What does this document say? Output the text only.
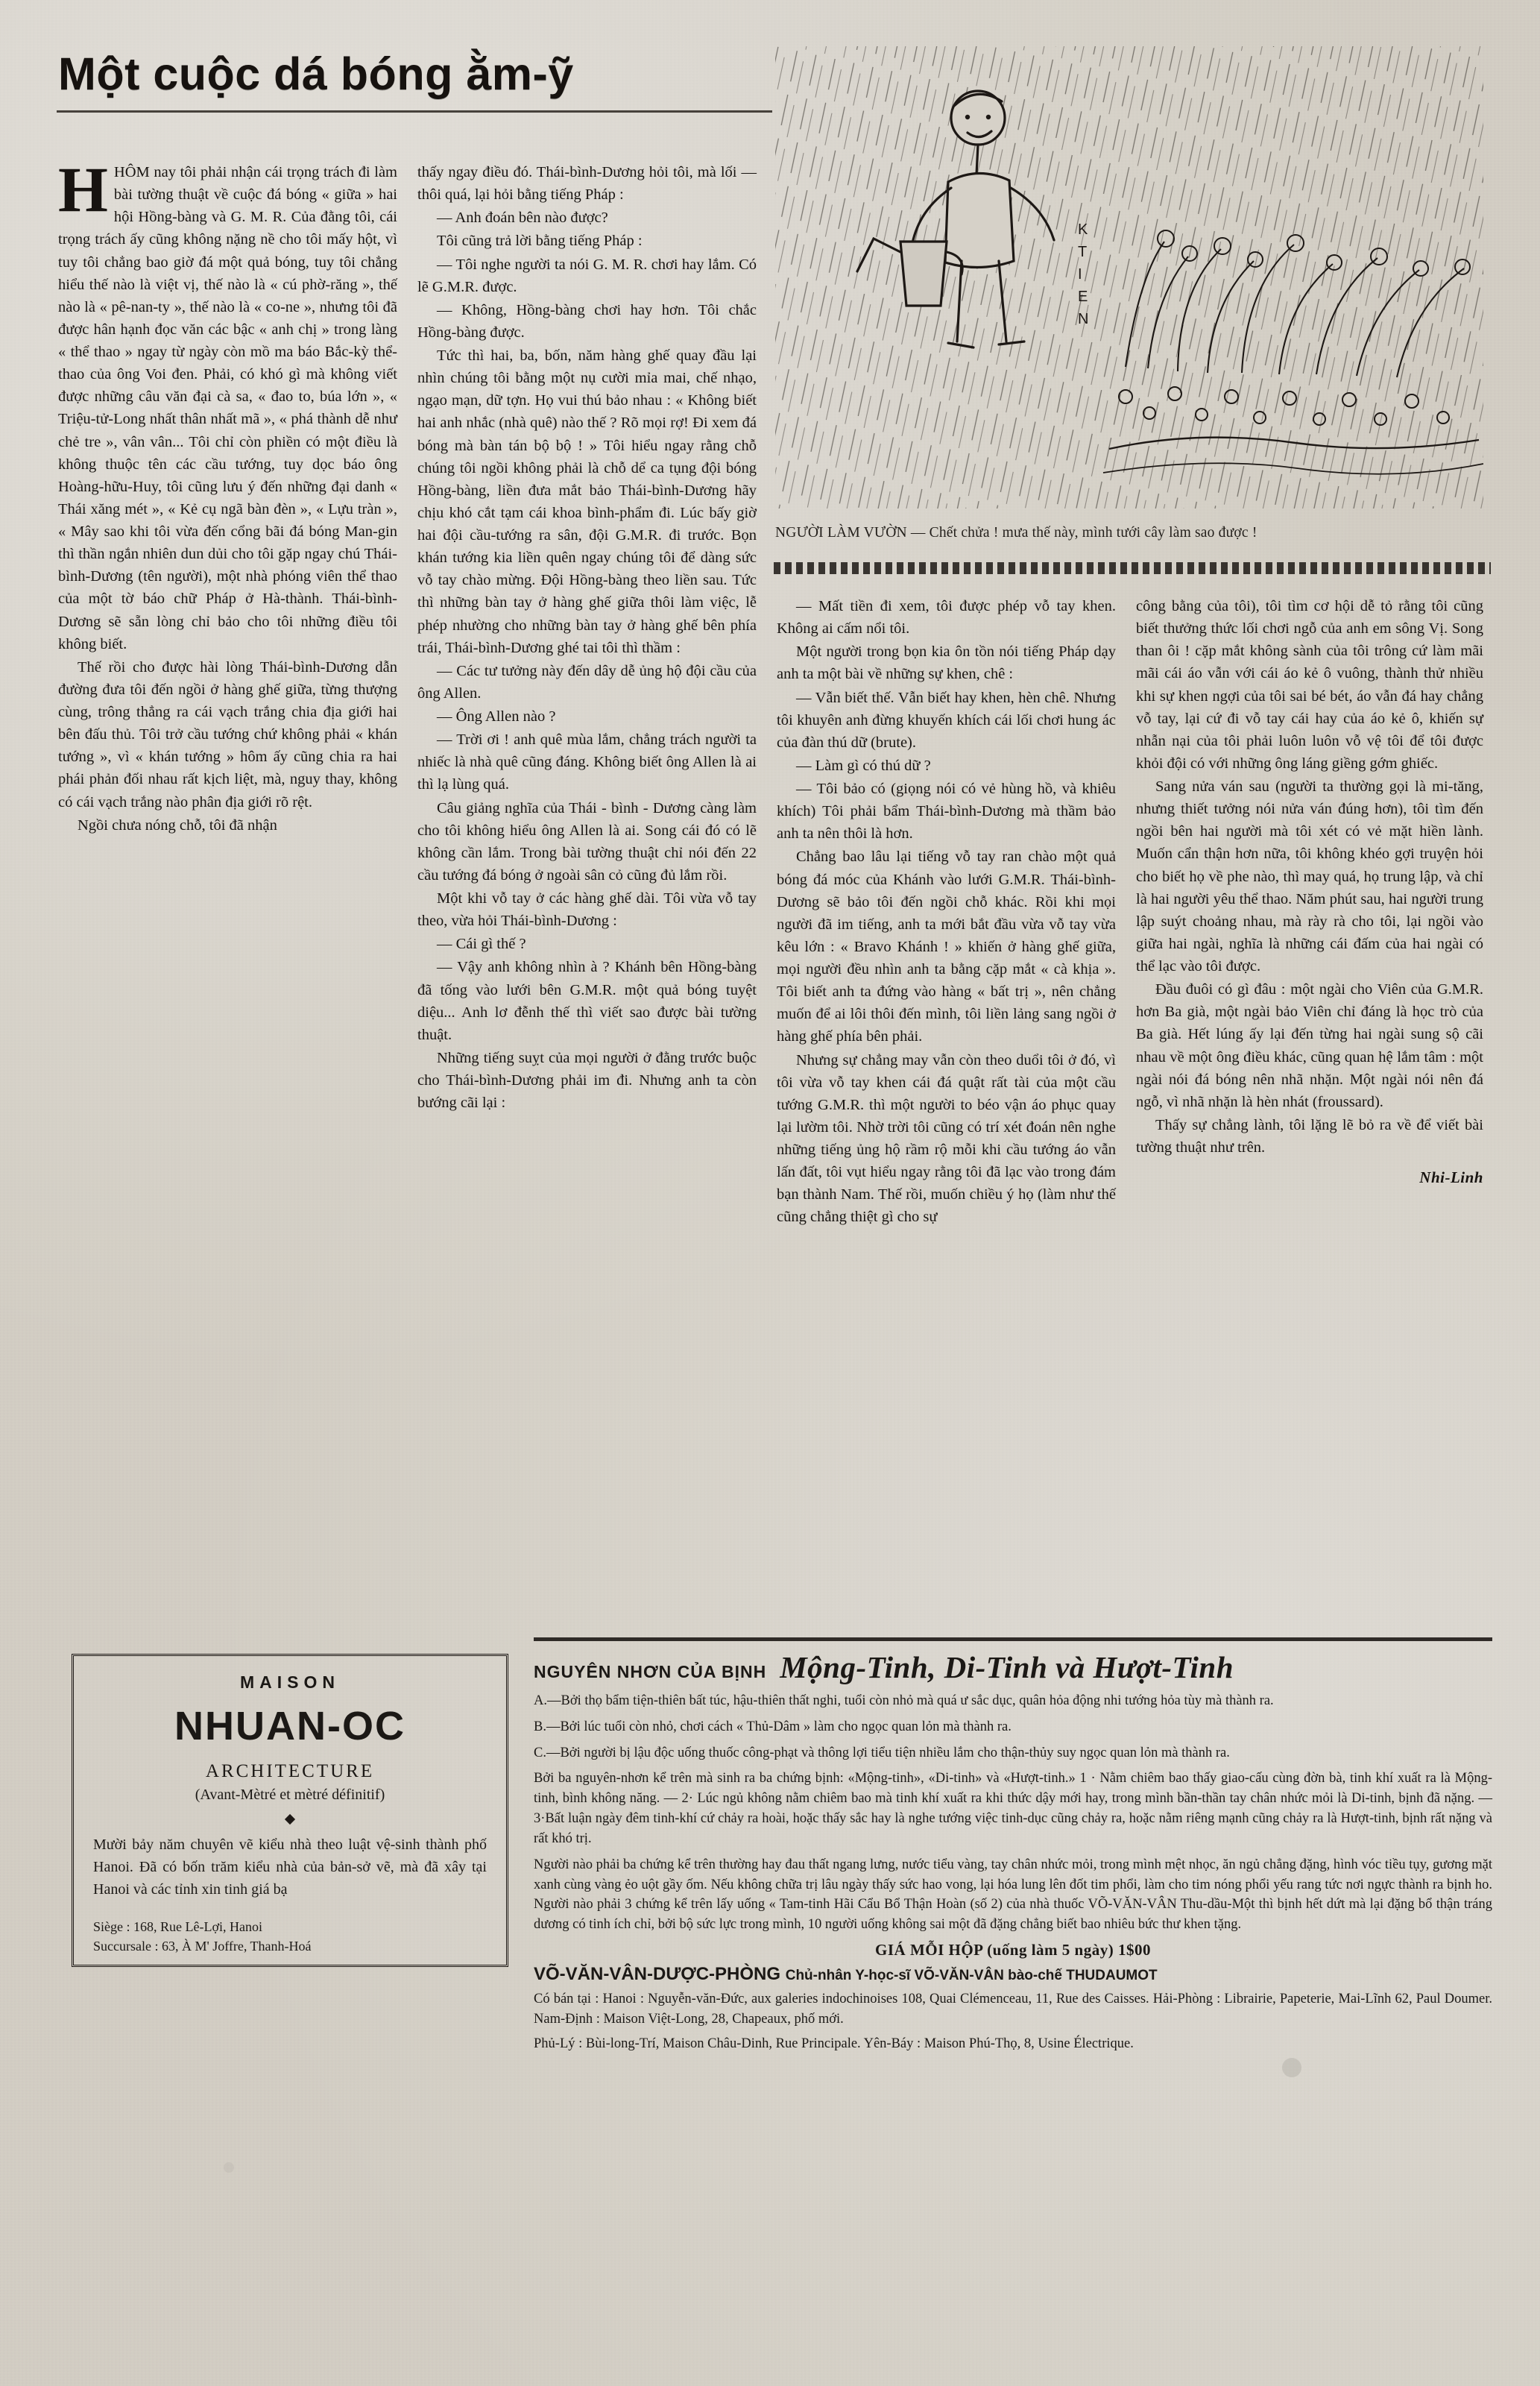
Một cuộc dá bóng ằm-ỹ
K
T
I
E
N
NGƯỜI LÀM VƯỜN — Chết chửa ! mưa thế này, mình tưới cây làm sao được !

HHÔM nay tôi phải nhận cái trọng trách đi làm bài tường thuật về cuộc đá bóng « giữa » hai hội Hồng-bàng và G. M. R. Của đằng tôi, cái trọng trách ấy cũng không nặng nề cho tôi mấy hột, vì tuy tôi chẳng bao giờ đá một quả bóng, tuy tôi chẳng hiểu thế nào là việt vị, thế nào là « cú phờ-răng », thế nào là « pê-nan-ty », thế nào là « co-ne », nhưng tôi đã được hân hạnh đọc văn các bậc « anh chị » trong làng « thể thao » ngay từ ngày còn mồ ma báo Bắc-kỳ thể-thao của ông Voi đen. Phải, có khó gì mà không viết được những câu văn đại cà sa, « đao to, búa lớn », « Triệu-tử-Long nhất thân nhất mã », « phá thành dễ như chẻ tre », vân vân... Tôi chỉ còn phiền có một điều là không thuộc tên các cầu tướng, tuy dọc báo ông Hoàng-hữu-Huy, tôi cũng lưu ý đến những đại danh « Thái xăng mét », « Kẻ cụ ngã bàn đèn », « Lựu tràn », « Mây sao khi tôi vừa đến cổng bãi đá bóng Man-gin thì thần ngắn nhiên dun dủi cho tôi gặp ngay chú Thái-bình-Dương (tên người), một nhà phóng viên thể thao của một tờ báo chữ Pháp ở Hà-thành. Thái-bình-Dương sẽ sẵn lòng chỉ bảo cho tôi những điều tôi không biết.

Thế rồi cho được hài lòng Thái-bình-Dương dẫn đường đưa tôi đến ngồi ở hàng ghế giữa, từng thượng cùng, trông thẳng ra cái vạch trắng chia địa giới hai bên đấu thủ. Tôi trở cầu tướng chứ không phải « khán tướng », vì « khán tướng » hôm ấy cũng chia ra hai phái phản đối nhau rất kịch liệt, mà, nguy thay, không có cái vạch trắng nào phân địa giới rõ rệt.

Ngồi chưa nóng chỗ, tôi đã nhận

thấy ngay điều đó. Thái-bình-Dương hỏi tôi, mà lối — thôi quá, lại hỏi bằng tiếng Pháp :

— Anh đoán bên nào được?

Tôi cũng trả lời bằng tiếng Pháp :

— Tôi nghe người ta nói G. M. R. chơi hay lắm. Có lẽ G.M.R. được.

— Không, Hồng-bàng chơi hay hơn. Tôi chắc Hồng-bàng được.

Tức thì hai, ba, bốn, năm hàng ghế quay đầu lại nhìn chúng tôi bằng một nụ cười mỉa mai, chế nhạo, ngạo mạn, dữ tợn. Họ vui thú bảo nhau : « Không biết hai anh nhắc (nhà quê) nào thế ? Rõ mọi rợ! Đi xem đá bóng mà bàn tán bộ bộ ! » Tôi hiểu ngay rằng chỗ chúng tôi ngồi không phải là chỗ dể ca tụng đội bóng Hồng-bàng, liền đưa mắt bảo Thái-bình-Dương hãy chịu khó cắt tạm cái khoa bình-phẩm đi. Lúc bấy giờ hai đội cầu-tướng ra sân, đội G.M.R. đi trước. Bọn khán tướng kia liền quên ngay chúng tôi để dàng sức vỗ tay chào mừng. Đội Hồng-bàng theo liền sau. Tức thì những bàn tay ở hàng ghế giữa thôi làm việc, lễ phép nhường cho những bàn tay ở hàng ghế bên phía trái, Thái-bình-Dương ghé tai tôi thì thầm :

— Các tư tưởng này đến dây dễ ủng hộ đội cầu của ông Allen.

— Ông Allen nào ?

— Trời ơi ! anh quê mùa lắm, chẳng trách người ta nhiếc là nhà quê cũng đáng. Không biết ông Allen là ai thì lạ lùng quá.

Câu giảng nghĩa của Thái - bình - Dương càng làm cho tôi không hiểu ông Allen là ai. Song cái đó có lẽ không cần lắm. Trong bài tường thuật chỉ nói đến 22 cầu tướng đá bóng ở ngoài sân cỏ cũng đủ lắm rồi.

Một khi vỗ tay ở các hàng ghế dài. Tôi vừa vỗ tay theo, vừa hỏi Thái-bình-Dương :

— Cái gì thế ?

— Vậy anh không nhìn à ? Khánh bên Hồng-bàng đã tống vào lưới bên G.M.R. một quả bóng tuyệt diệu... Anh lơ đễnh thế thì viết sao được bài tường thuật.

Những tiếng suỵt của mọi người ở đằng trước buộc cho Thái-bình-Dương phải im đi. Nhưng anh ta còn bướng cãi lại :

— Mất tiền đi xem, tôi được phép vỗ tay khen. Không ai cấm nổi tôi.

Một người trong bọn kia ôn tồn nói tiếng Pháp dạy anh ta một bài về những sự khen, chê :

— Vẫn biết thế. Vẫn biết hay khen, hèn chê. Nhưng tôi khuyên anh đừng khuyến khích cái lối chơi hung ác của đàn thú dữ (brute).

— Làm gì có thú dữ ?

— Tôi bảo có (giọng nói có vẻ hùng hồ, và khiêu khích) Tôi phải bẩm Thái-bình-Dương mà thầm bảo anh ta nên thôi là hơn.

Chẳng bao lâu lại tiếng vỗ tay ran chào một quả bóng đá móc của Khánh vào lưới G.M.R. Thái-bình-Dương sẽ bảo tôi đến ngồi chỗ khác. Rồi khi mọi người đã im tiếng, anh ta mới bắt đầu vừa vỗ tay vừa kêu lớn : « Bravo Khánh ! » khiến ở hàng ghế giữa, mọi người đều nhìn anh ta bằng cặp mắt « cà khịa ». Tôi biết anh ta đứng vào hàng « bất trị », nên chẳng muốn để ai lôi thôi đến mình, tôi liền lảng sang ngồi ở hàng ghế phía bên phải.

Nhưng sự chẳng may vẫn còn theo duổi tôi ở đó, vì tôi vừa vỗ tay khen cái đá quật rất tài của một cầu tướng G.M.R. thì một người to béo vận áo phục quay lại lườm tôi. Nhờ trời tôi cũng có trí xét đoán nên nghe những tiếng ủng hộ rầm rộ mỗi khi cầu tướng áo vẫn lấn đất, tôi vụt hiểu ngay rằng tôi đã lạc vào trong đám bạn thành Nam. Thế rồi, muốn chiều ý họ (làm như thế cũng chẳng thiệt gì cho sự

công bằng của tôi), tôi tìm cơ hội dễ tỏ rằng tôi cũng biết thưởng thức lối chơi ngỗ của anh em sông Vị. Song than ôi ! cặp mắt không sành của tôi trông cứ làm mãi mãi cái áo vẫn với cái áo kẻ ô vuông, thành thử nhiều khi sự khen ngợi của tôi sai bé bét, áo vẫn đá hay chẳng vỗ tay, lại cứ đi vỗ tay cái hay của áo kẻ ô, khiến sự nhẫn nại của tôi phải luôn luôn vỗ vệ tôi để tôi được khỏi đội có với những ông láng giềng gớm ghiếc.

Sang nửa ván sau (người ta thường gọi là mi-tăng, nhưng thiết tưởng nói nửa ván đúng hơn), tôi tìm đến ngồi bên hai người mà tôi xét có vẻ mặt hiền lành. Muốn cẩn thận hơn nữa, tôi không khéo gợi truyện hỏi cho biết họ về phe nào, thì may quá, họ trung lập, và chỉ là hai người yêu thể thao. Năm phút sau, hai người trung lập suýt choảng nhau, mà rày rà cho tôi, lại ngồi vào giữa hai ngài, nghĩa là những cái đấm của hai ngài có thể lạc vào tôi được.

Đầu đuôi có gì đâu : một ngài cho Viên của G.M.R. hơn Ba già, một ngài bảo Viên chỉ đáng là học trò của Ba già. Hết lúng ấy lại đến từng hai ngài sung sộ cãi nhau về một ông điều khác, cũng quan hệ lắm tâm : một ngài nói đá bóng nên nhã nhặn. Một ngài nói nên đá ngỗ, vì nhã nhặn là hèn nhát (froussard).

Thấy sự chẳng lành, tôi lặng lẽ bỏ ra về để viết bài tường thuật như trên.

Nhi-Linh
MAISON
NHUAN-OC
ARCHITECTURE
(Avant-Mètré et mètré définitif)
Mười bảy năm chuyên vẽ kiểu nhà theo luật vệ-sinh thành phố Hanoi. Đã có bốn trăm kiểu nhà của bản-sở vẽ, mà đã xây tại Hanoi và các tỉnh xin tinh giá bạ
Siège : 168, Rue Lê-Lợi, Hanoi
Succursale : 63, À M' Joffre, Thanh-Hoá
NGUYÊN NHƠN CỦA BỊNH Mộng-Tinh, Di-Tinh và Hượt-Tinh
A.—Bởi thọ bẩm tiện-thiên bất túc, hậu-thiên thất nghi, tuổi còn nhỏ mà quá ư sắc dục, quân hỏa động nhi tướng hỏa tùy mà thành ra.
B.—Bởi lúc tuổi còn nhỏ, chơi cách « Thủ-Dâm » làm cho ngọc quan lỏn mà thành ra.
C.—Bởi người bị lậu độc uống thuốc công-phạt và thông lợi tiểu tiện nhiều lắm cho thận-thủy suy ngọc quan lỏn mà thành ra.
Bởi ba nguyên-nhơn kể trên mà sinh ra ba chứng bịnh: «Mộng-tinh», «Di-tinh» và «Hượt-tinh.» 1 · Nằm chiêm bao thấy giao-cấu cùng đờn bà, tinh khí xuất ra là Mộng-tinh, bình không năng. — 2· Lúc ngủ không nằm chiêm bao mà tinh khí xuất ra khi thức dậy mới hay, trong mình bần-thần tay chân nhức mỏi là Di-tinh, bịnh đã nặng. —3·Bất luận ngày đêm tinh-khí cứ chảy ra hoài, hoặc thấy sắc hay là nghe tướng việc tinh-dục cũng chảy ra, hoặc nằm riêng mạnh cũng chảy ra là Hượt-tinh, bịnh rất nặng và rất khó trị.
Người nào phải ba chứng kể trên thường hay đau thất ngang lưng, nước tiểu vàng, tay chân nhức mỏi, trong mình mệt nhọc, ăn ngủ chẳng đặng, hình vóc tiều tụy, gương mặt xanh cùng vàng ẻo uột gầy ốm. Nếu không chữa trị lâu ngày thấy sức hao vong, lại hóa lung lên đốt tim phổi, làm cho tim nóng phổi yếu rang tức nơi ngực thành ra bịnh ho. Người nào phải 3 chứng kể trên lấy uống « Tam-tinh Hãi Cẩu Bổ Thận Hoàn (số 2) của nhà thuốc VÕ-VĂN-VÂN Thu-dầu-Một thì bịnh hết dứt mà lại đặng bổ thận tráng dương có tinh ích chỉ, bởi bộ sức lực trong mình, 10 người uống không sai một đã đặng chẳng biết bao nhiêu bức thư khen tặng.
GIÁ MỖI HỘP (uống làm 5 ngày) 1$00
VÕ-VĂN-VÂN-DƯỢC-PHÒNG Chủ-nhân Y-học-sĩ VÕ-VĂN-VÂN bào-chế THUDAUMOT
Có bán tại : Hanoi : Nguyễn-văn-Đức, aux galeries indochinoises 108, Quai Clémenceau, 11, Rue des Caisses. Hải-Phòng : Librairie, Papeterie, Mai-Lĩnh 62, Paul Doumer. Nam-Định : Maison Việt-Long, 28, Chapeaux, phố mới.
Phủ-Lý : Bùi-long-Trí, Maison Châu-Dinh, Rue Principale. Yên-Báy : Maison Phú-Thọ, 8, Usine Électrique.
